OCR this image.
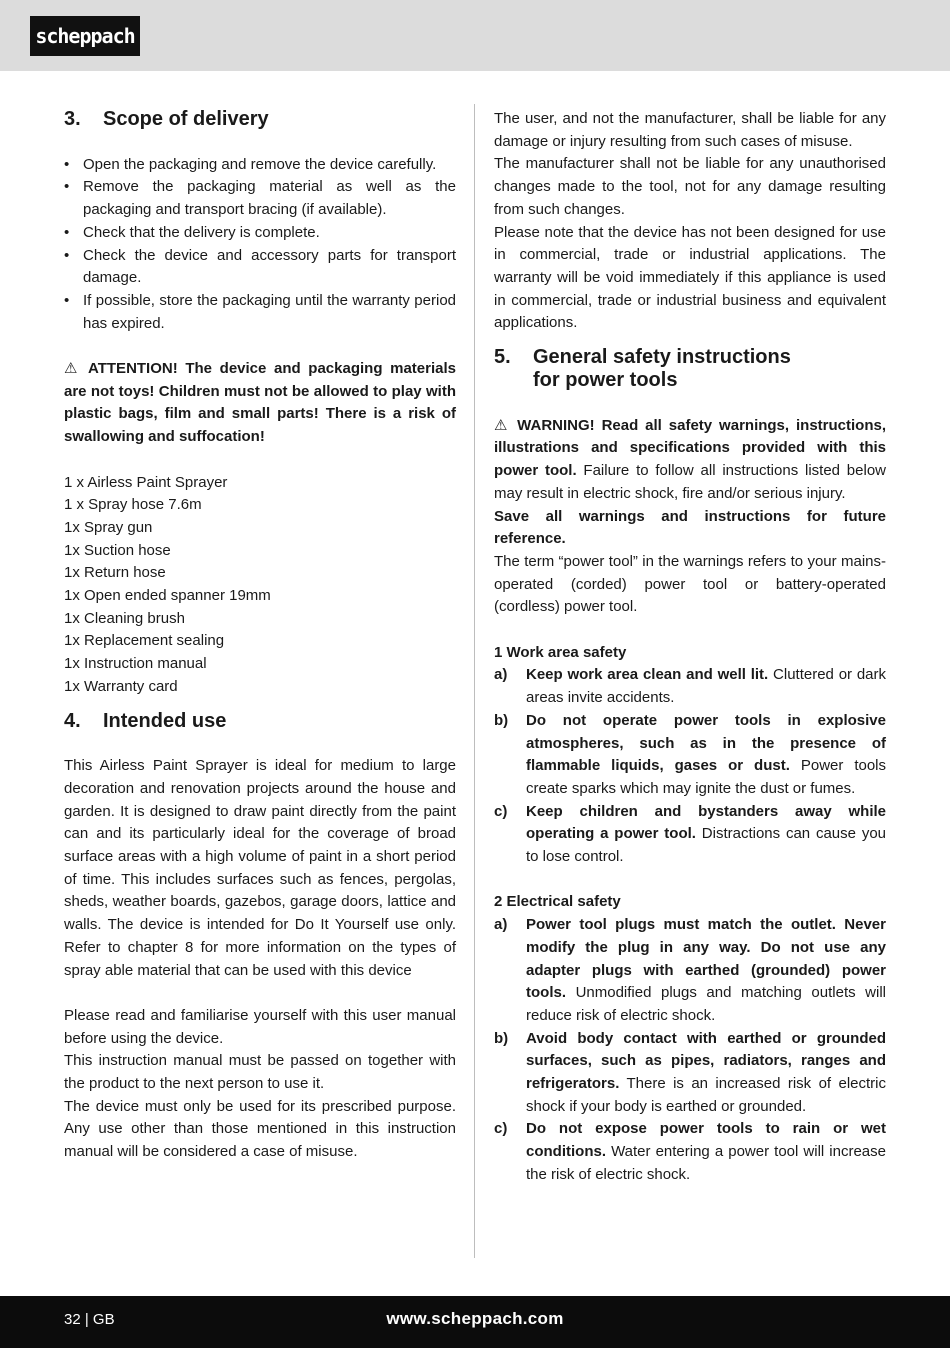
scheppach
3. Scope of delivery
• Open the packaging and remove the device carefully.
• Remove the packaging material as well as the packaging and transport bracing (if available).
• Check that the delivery is complete.
• Check the device and accessory parts for transport damage.
• If possible, store the packaging until the warranty period has expired.

⚠ ATTENTION! The device and packaging materials are not toys! Children must not be allowed to play with plastic bags, film and small parts! There is a risk of swallowing and suffocation!

1 x Airless Paint Sprayer
1 x Spray hose 7.6m
1x Spray gun
1x Suction hose
1x Return hose
1x Open ended spanner 19mm
1x Cleaning brush
1x Replacement sealing
1x Instruction manual
1x Warranty card
4. Intended use

This Airless Paint Sprayer is ideal for medium to large decoration and renovation projects around the house and garden. It is designed to draw paint directly from the paint can and its particularly ideal for the coverage of broad surface areas with a high volume of paint in a short period of time. This includes surfaces such as fences, pergolas, sheds, weather boards, gazebos, garage doors, lattice and walls. The device is intended for Do It Yourself use only. Refer to chapter 8 for more information on the types of spray able material that can be used with this device

Please read and familiarise yourself with this user manual before using the device.

This instruction manual must be passed on together with the product to the next person to use it.

The device must only be used for its prescribed purpose. Any use other than those mentioned in this instruction manual will be considered a case of misuse.

The user, and not the manufacturer, shall be liable for any damage or injury resulting from such cases of misuse.

The manufacturer shall not be liable for any unauthorised changes made to the tool, not for any damage resulting from such changes.

Please note that the device has not been designed for use in commercial, trade or industrial applications. The warranty will be void immediately if this appliance is used in commercial, trade or industrial business and equivalent applications.

5. General safety instructions
for power tools

⚠ WARNING! Read all safety warnings, instructions, illustrations and specifications provided with this power tool. Failure to follow all instructions listed below may result in electric shock, fire and/or serious injury.

Save all warnings and instructions for future reference.

The term “power tool” in the warnings refers to your mains-operated (corded) power tool or battery-operated (cordless) power tool.

1 Work area safety

a) Keep work area clean and well lit. Cluttered or dark areas invite accidents.
b) Do not operate power tools in explosive atmospheres, such as in the presence of flammable liquids, gases or dust. Power tools create sparks which may ignite the dust or fumes.
c) Keep children and bystanders away while operating a power tool. Distractions can cause you to lose control.

2 Electrical safety

a) Power tool plugs must match the outlet. Never modify the plug in any way. Do not use any adapter plugs with earthed (grounded) power tools. Unmodified plugs and matching outlets will reduce risk of electric shock.
b) Avoid body contact with earthed or grounded surfaces, such as pipes, radiators, ranges and refrigerators. There is an increased risk of electric shock if your body is earthed or grounded.
c) Do not expose power tools to rain or wet conditions. Water entering a power tool will increase the risk of electric shock.
32 | GB	www.scheppach.com
